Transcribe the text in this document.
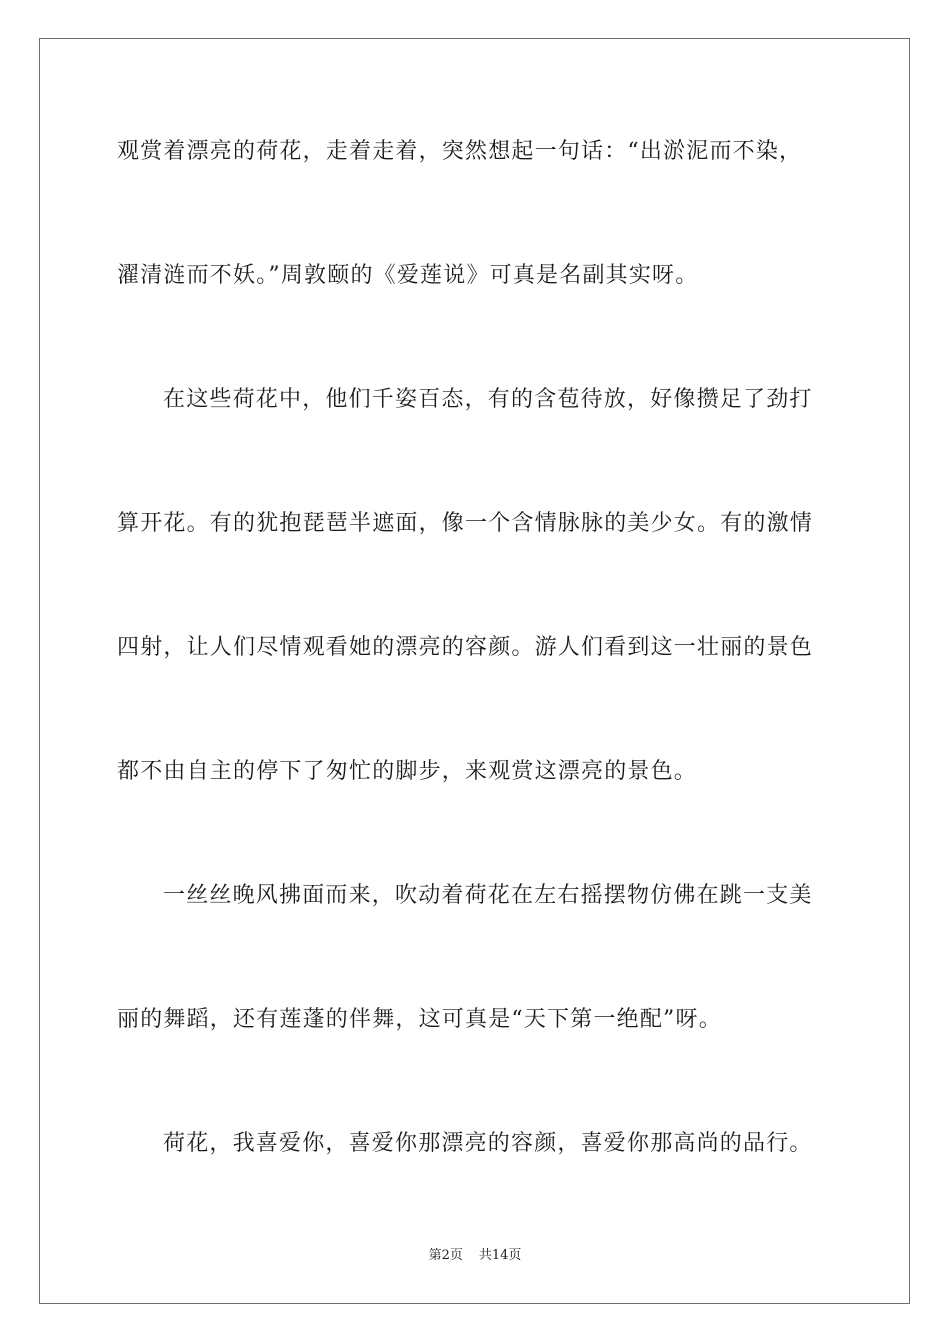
观赏着漂亮的荷花，走着走着，突然想起一句话：“出淤泥而不染，
濯清涟而不妖。”周敦颐的《爱莲说》可真是名副其实呀。
在这些荷花中，他们千姿百态，有的含苞待放，好像攒足了劲打
算开花。有的犹抱琵琶半遮面，像一个含情脉脉的美少女。有的激情
四射，让人们尽情观看她的漂亮的容颜。游人们看到这一壮丽的景色
都不由自主的停下了匆忙的脚步，来观赏这漂亮的景色。
一丝丝晚风拂面而来，吹动着荷花在左右摇摆物仿佛在跳一支美
丽的舞蹈，还有莲蓬的伴舞，这可真是“天下第一绝配”呀。
荷花，我喜爱你，喜爱你那漂亮的容颜，喜爱你那高尚的品行。
第2页 共14页
